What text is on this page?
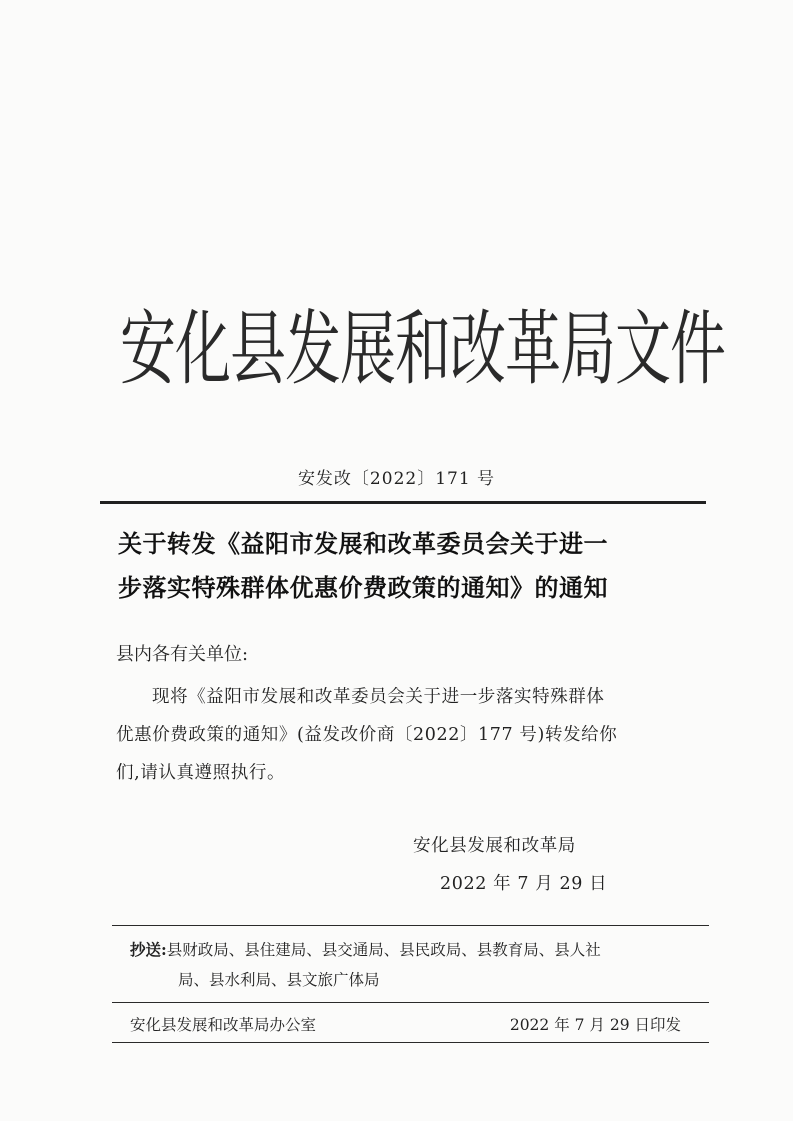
安化县发展和改革局文件
安发改〔2022〕171 号
关于转发《益阳市发展和改革委员会关于进一
步落实特殊群体优惠价费政策的通知》的通知
县内各有关单位:
现将《益阳市发展和改革委员会关于进一步落实特殊群体
优惠价费政策的通知》(益发改价商〔2022〕177 号)转发给你
们,请认真遵照执行。
安化县发展和改革局
2022 年 7 月 29 日
抄送:县财政局、县住建局、县交通局、县民政局、县教育局、县人社
局、县水利局、县文旅广体局
安化县发展和改革局办公室	2022 年 7 月 29 日印发
